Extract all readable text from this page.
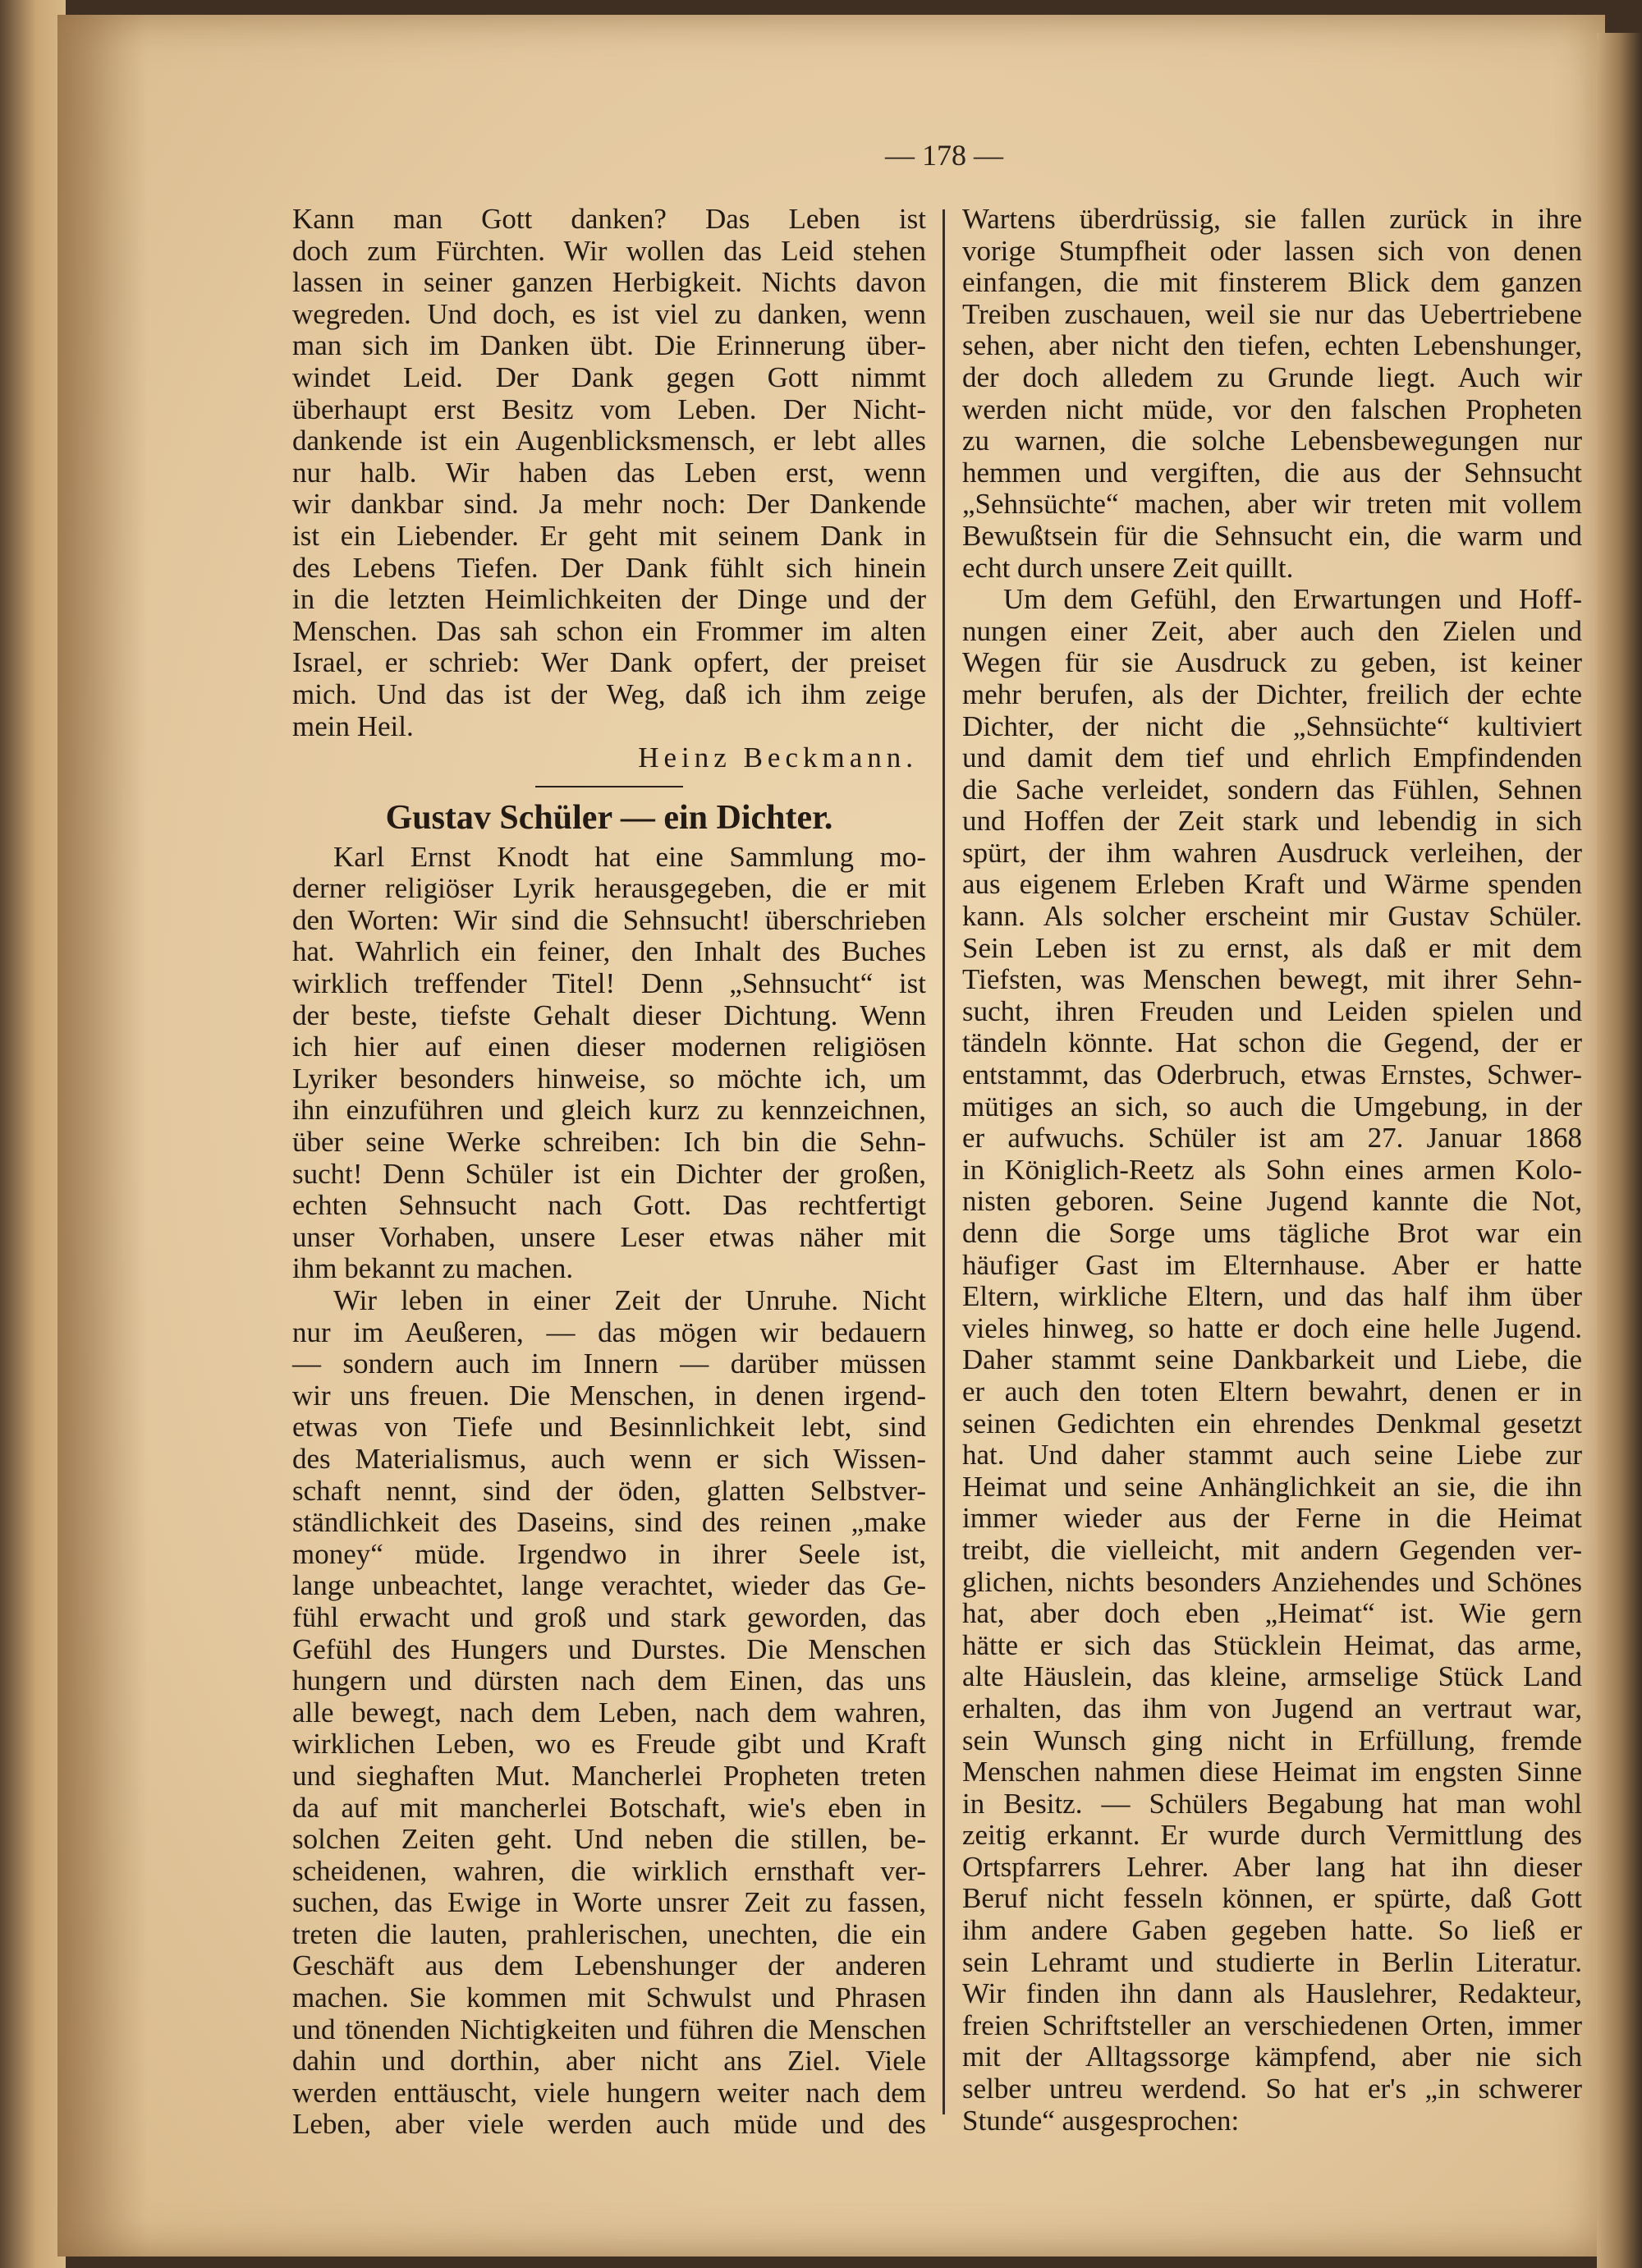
— 178 —
Kann man Gott danken? Das Leben ist
doch zum Fürchten. Wir wollen das Leid stehen
lassen in seiner ganzen Herbigkeit. Nichts davon
wegreden. Und doch, es ist viel zu danken, wenn
man sich im Danken übt. Die Erinnerung über-
windet Leid. Der Dank gegen Gott nimmt
überhaupt erst Besitz vom Leben. Der Nicht-
dankende ist ein Augenblicksmensch, er lebt alles
nur halb. Wir haben das Leben erst, wenn
wir dankbar sind. Ja mehr noch: Der Dankende
ist ein Liebender. Er geht mit seinem Dank in
des Lebens Tiefen. Der Dank fühlt sich hinein
in die letzten Heimlichkeiten der Dinge und der
Menschen. Das sah schon ein Frommer im alten
Israel, er schrieb: Wer Dank opfert, der preiset
mich. Und das ist der Weg, daß ich ihm zeige
mein Heil.
Heinz Beckmann.
Gustav Schüler — ein Dichter.
Karl Ernst Knodt hat eine Sammlung mo-
derner religiöser Lyrik herausgegeben, die er mit
den Worten: Wir sind die Sehnsucht! überschrieben
hat. Wahrlich ein feiner, den Inhalt des Buches
wirklich treffender Titel! Denn „Sehnsucht“ ist
der beste, tiefste Gehalt dieser Dichtung. Wenn
ich hier auf einen dieser modernen religiösen
Lyriker besonders hinweise, so möchte ich, um
ihn einzuführen und gleich kurz zu kennzeichnen,
über seine Werke schreiben: Ich bin die Sehn-
sucht! Denn Schüler ist ein Dichter der großen,
echten Sehnsucht nach Gott. Das rechtfertigt
unser Vorhaben, unsere Leser etwas näher mit
ihm bekannt zu machen.
Wir leben in einer Zeit der Unruhe. Nicht
nur im Aeußeren, — das mögen wir bedauern
— sondern auch im Innern — darüber müssen
wir uns freuen. Die Menschen, in denen irgend-
etwas von Tiefe und Besinnlichkeit lebt, sind
des Materialismus, auch wenn er sich Wissen-
schaft nennt, sind der öden, glatten Selbstver-
ständlichkeit des Daseins, sind des reinen „make
money“ müde. Irgendwo in ihrer Seele ist,
lange unbeachtet, lange verachtet, wieder das Ge-
fühl erwacht und groß und stark geworden, das
Gefühl des Hungers und Durstes. Die Menschen
hungern und dürsten nach dem Einen, das uns
alle bewegt, nach dem Leben, nach dem wahren,
wirklichen Leben, wo es Freude gibt und Kraft
und sieghaften Mut. Mancherlei Propheten treten
da auf mit mancherlei Botschaft, wie's eben in
solchen Zeiten geht. Und neben die stillen, be-
scheidenen, wahren, die wirklich ernsthaft ver-
suchen, das Ewige in Worte unsrer Zeit zu fassen,
treten die lauten, prahlerischen, unechten, die ein
Geschäft aus dem Lebenshunger der anderen
machen. Sie kommen mit Schwulst und Phrasen
und tönenden Nichtigkeiten und führen die Menschen
dahin und dorthin, aber nicht ans Ziel. Viele
werden enttäuscht, viele hungern weiter nach dem
Leben, aber viele werden auch müde und des
Wartens überdrüssig, sie fallen zurück in ihre
vorige Stumpfheit oder lassen sich von denen
einfangen, die mit finsterem Blick dem ganzen
Treiben zuschauen, weil sie nur das Uebertriebene
sehen, aber nicht den tiefen, echten Lebenshunger,
der doch alledem zu Grunde liegt. Auch wir
werden nicht müde, vor den falschen Propheten
zu warnen, die solche Lebensbewegungen nur
hemmen und vergiften, die aus der Sehnsucht
„Sehnsüchte“ machen, aber wir treten mit vollem
Bewußtsein für die Sehnsucht ein, die warm und
echt durch unsere Zeit quillt.
Um dem Gefühl, den Erwartungen und Hoff-
nungen einer Zeit, aber auch den Zielen und
Wegen für sie Ausdruck zu geben, ist keiner
mehr berufen, als der Dichter, freilich der echte
Dichter, der nicht die „Sehnsüchte“ kultiviert
und damit dem tief und ehrlich Empfindenden
die Sache verleidet, sondern das Fühlen, Sehnen
und Hoffen der Zeit stark und lebendig in sich
spürt, der ihm wahren Ausdruck verleihen, der
aus eigenem Erleben Kraft und Wärme spenden
kann. Als solcher erscheint mir Gustav Schüler.
Sein Leben ist zu ernst, als daß er mit dem
Tiefsten, was Menschen bewegt, mit ihrer Sehn-
sucht, ihren Freuden und Leiden spielen und
tändeln könnte. Hat schon die Gegend, der er
entstammt, das Oderbruch, etwas Ernstes, Schwer-
mütiges an sich, so auch die Umgebung, in der
er aufwuchs. Schüler ist am 27. Januar 1868
in Königlich-Reetz als Sohn eines armen Kolo-
nisten geboren. Seine Jugend kannte die Not,
denn die Sorge ums tägliche Brot war ein
häufiger Gast im Elternhause. Aber er hatte
Eltern, wirkliche Eltern, und das half ihm über
vieles hinweg, so hatte er doch eine helle Jugend.
Daher stammt seine Dankbarkeit und Liebe, die
er auch den toten Eltern bewahrt, denen er in
seinen Gedichten ein ehrendes Denkmal gesetzt
hat. Und daher stammt auch seine Liebe zur
Heimat und seine Anhänglichkeit an sie, die ihn
immer wieder aus der Ferne in die Heimat
treibt, die vielleicht, mit andern Gegenden ver-
glichen, nichts besonders Anziehendes und Schönes
hat, aber doch eben „Heimat“ ist. Wie gern
hätte er sich das Stücklein Heimat, das arme,
alte Häuslein, das kleine, armselige Stück Land
erhalten, das ihm von Jugend an vertraut war,
sein Wunsch ging nicht in Erfüllung, fremde
Menschen nahmen diese Heimat im engsten Sinne
in Besitz. — Schülers Begabung hat man wohl
zeitig erkannt. Er wurde durch Vermittlung des
Ortspfarrers Lehrer. Aber lang hat ihn dieser
Beruf nicht fesseln können, er spürte, daß Gott
ihm andere Gaben gegeben hatte. So ließ er
sein Lehramt und studierte in Berlin Literatur.
Wir finden ihn dann als Hauslehrer, Redakteur,
freien Schriftsteller an verschiedenen Orten, immer
mit der Alltagssorge kämpfend, aber nie sich
selber untreu werdend. So hat er's „in schwerer
Stunde“ ausgesprochen:
